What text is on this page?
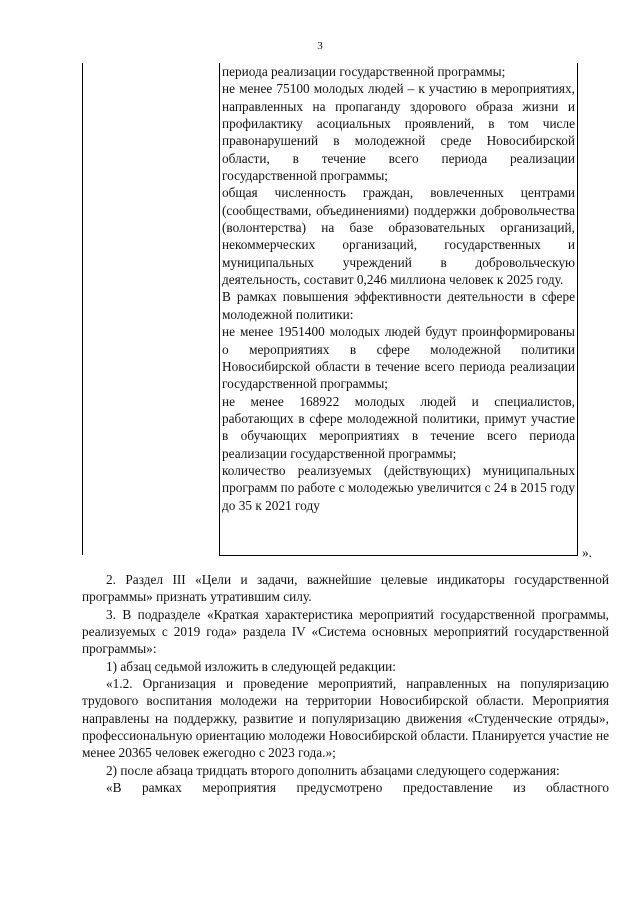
3

периода реализации государственной программы;

не менее 75100 молодых людей – к участию в мероприятиях, направленных на пропаганду здорового образа жизни и профилактику асоциальных проявлений, в том числе правонарушений в молодежной среде Новосибирской области, в течение всего периода реализации государственной программы;

общая численность граждан, вовлеченных центрами (сообществами, объединениями) поддержки добровольчества (волонтерства) на базе образовательных организаций, некоммерческих организаций, государственных и муниципальных учреждений в добровольческую деятельность, составит 0,246 миллиона человек к 2025 году.

В рамках повышения эффективности деятельности в сфере молодежной политики:

не менее 1951400 молодых людей будут проинформированы о мероприятиях в сфере молодежной политики Новосибирской области в течение всего периода реализации государственной программы;

не менее 168922 молодых людей и специалистов, работающих в сфере молодежной политики, примут участие в обучающих мероприятиях в течение всего периода реализации государственной программы;

количество реализуемых (действующих) муниципальных программ по работе с молодежью увеличится с 24 в 2015 году до 35 к 2021 году

».

2. Раздел III «Цели и задачи, важнейшие целевые индикаторы государственной программы» признать утратившим силу.

3. В подразделе «Краткая характеристика мероприятий государственной программы, реализуемых с 2019 года» раздела IV «Система основных мероприятий государственной программы»:

1) абзац седьмой изложить в следующей редакции:

«1.2. Организация и проведение мероприятий, направленных на популяризацию трудового воспитания молодежи на территории Новосибирской области. Мероприятия направлены на поддержку, развитие и популяризацию движения «Студенческие отряды», профессиональную ориентацию молодежи Новосибирской области. Планируется участие не менее 20365 человек ежегодно с 2023 года.»;

2) после абзаца тридцать второго дополнить абзацами следующего содержания:

«В рамках мероприятия предусмотрено предоставление из областного
